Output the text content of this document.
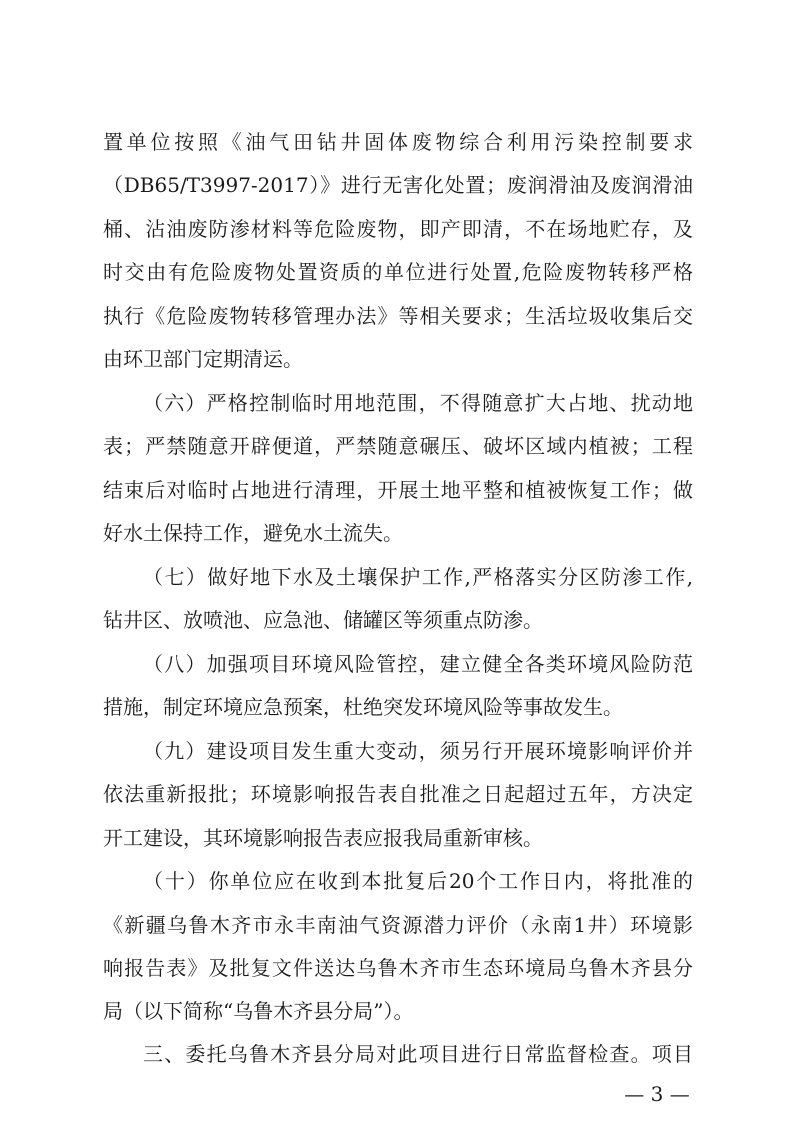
置单位按照《油气田钻井固体废物综合利用污染控制要求
（DB65/T3997-2017）》进行无害化处置；废润滑油及废润滑油
桶、沾油废防渗材料等危险废物，即产即清，不在场地贮存，及
时交由有危险废物处置资质的单位进行处置,危险废物转移严格
执行《危险废物转移管理办法》等相关要求；生活垃圾收集后交
由环卫部门定期清运。
（六）严格控制临时用地范围，不得随意扩大占地、扰动地
表；严禁随意开辟便道，严禁随意碾压、破坏区域内植被；工程
结束后对临时占地进行清理，开展土地平整和植被恢复工作；做
好水土保持工作，避免水土流失。
（七）做好地下水及土壤保护工作,严格落实分区防渗工作,
钻井区、放喷池、应急池、储罐区等须重点防渗。
（八）加强项目环境风险管控，建立健全各类环境风险防范
措施，制定环境应急预案，杜绝突发环境风险等事故发生。
（九）建设项目发生重大变动，须另行开展环境影响评价并
依法重新报批；环境影响报告表自批准之日起超过五年，方决定
开工建设，其环境影响报告表应报我局重新审核。
（十）你单位应在收到本批复后20个工作日内，将批准的
《新疆乌鲁木齐市永丰南油气资源潜力评价（永南1井）环境影
响报告表》及批复文件送达乌鲁木齐市生态环境局乌鲁木齐县分
局（以下简称“乌鲁木齐县分局”）。
— 3 —
三、委托乌鲁木齐县分局对此项目进行日常监督检查。项目
